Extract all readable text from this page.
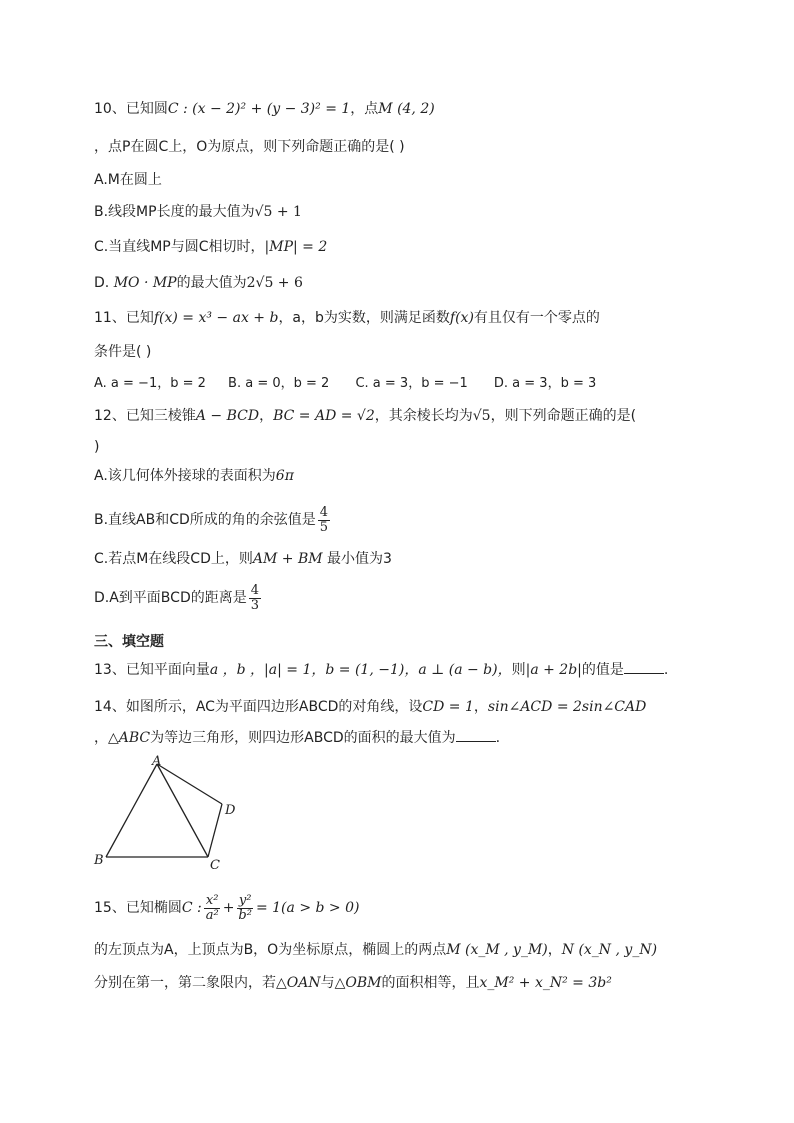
10、已知圆C : (x − 2)² + (y − 3)² = 1，点M (4, 2)
，点P在圆C上，O为原点，则下列命题正确的是( )
A.M在圆上
B.线段MP长度的最大值为√5 + 1
C.当直线MP与圆C相切时，|MP| = 2
D. MO · MP的最大值为2√5 + 6
11、已知f(x) = x³ − ax + b，a，b为实数，则满足函数f(x)有且仅有一个零点的
条件是( )
A. a = −1，b = 2 B. a = 0，b = 2 C. a = 3，b = −1 D. a = 3，b = 3
12、已知三棱锥A − BCD，BC = AD = √2，其余棱长均为√5，则下列命题正确的是(
)
A.该几何体外接球的表面积为6π
B.直线AB和CD所成的角的余弦值是 $\frac{4}{5}$
C.若点M在线段CD上，则AM + BM 最小值为3
D.A到平面BCD的距离是 $\frac{4}{3}$
三、填空题
13、已知平面向量a ，b ，|a| = 1，b = (1, −1)，a ⊥ (a − b)，则|a + 2b|的值是	.
14、如图所示，AC为平面四边形ABCD的对角线，设CD = 1，sin∠ACD = 2sin∠CAD
，△ABC为等边三角形，则四边形ABCD的面积的最大值为	.
A
B	C
D
15、已知椭圆C : $\frac{\text{x²}}{\text{a²}} + \frac{\text{y²}}{\text{b²}} = 1(a > b > 0)$
的左顶点为A，上顶点为B，O为坐标原点，椭圆上的两点M (x_M , y_M)，N (x_N , y_N)
分别在第一，第二象限内，若△OAN与△OBM的面积相等，且x_M² + x_N² = 3b²
